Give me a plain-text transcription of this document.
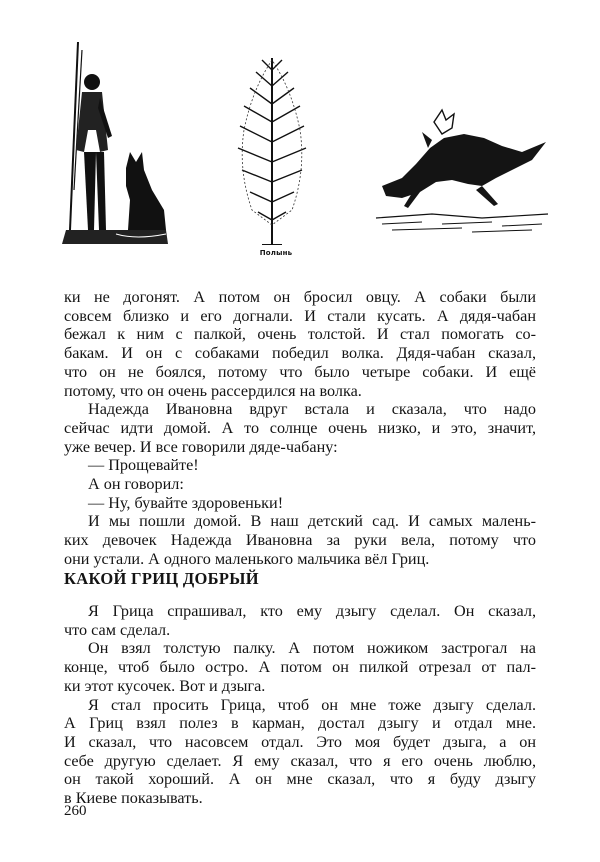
Полынь

ки не догонят. А потом он бросил овцу. А собаки были

совсем близко и его догнали. И стали кусать. А дядя-чабан

бежал к ним с палкой, очень толстой. И стал помогать со-

бакам. И он с собаками победил волка. Дядя-чабан сказал,

что он не боялся, потому что было четыре собаки. И ещё

потому, что он очень рассердился на волка.

Надежда Ивановна вдруг встала и сказала, что надо

сейчас идти домой. А то солнце очень низко, и это, значит,

уже вечер. И все говорили дяде-чабану:

— Прощевайте!

А он говорил:

— Ну, бувайте здоровеньки!

И мы пошли домой. В наш детский сад. И самых малень-

ких девочек Надежда Ивановна за руки вела, потому что

они устали. А одного маленького мальчика вёл Гриц.

КАКОЙ ГРИЦ ДОБРЫЙ

Я Грица спрашивал, кто ему дзыгу сделал. Он сказал,

что сам сделал.

Он взял толстую палку. А потом ножиком застрогал на

конце, чтоб было остро. А потом он пилкой отрезал от пал-

ки этот кусочек. Вот и дзыга.

Я стал просить Грица, чтоб он мне тоже дзыгу сделал.

А Гриц взял полез в карман, достал дзыгу и отдал мне.

И сказал, что насовсем отдал. Это моя будет дзыга, а он

себе другую сделает. Я ему сказал, что я его очень люблю,

он такой хороший. А он мне сказал, что я буду дзыгу

в Киеве показывать.

260
